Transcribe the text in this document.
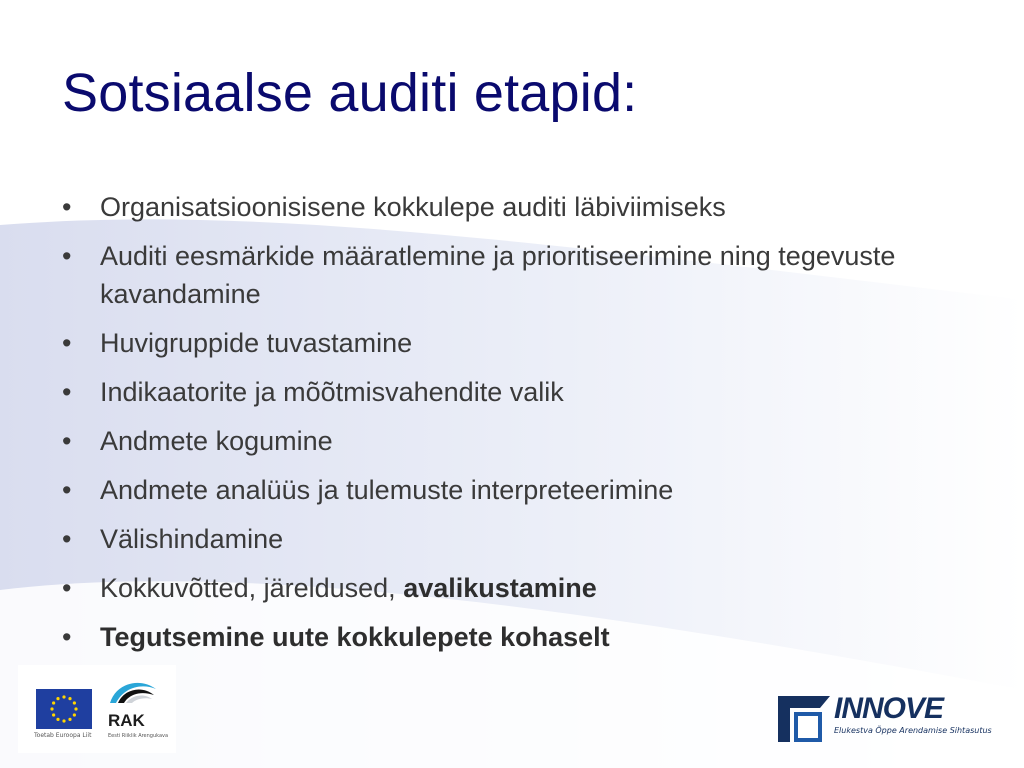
Sotsiaalse auditi etapid:
• Organisatsioonisisene kokkulepe auditi läbiviimiseks
• Auditi eesmärkide määratlemine ja prioritiseerimine ning tegevuste kavandamine
• Huvigruppide tuvastamine
• Indikaatorite ja mõõtmisvahendite valik
• Andmete kogumine
• Andmete analüüs ja tulemuste interpreteerimine
• Välishindamine
• Kokkuvõtted, järeldused, avalikustamine
• Tegutsemine uute kokkulepete kohaselt
Toetab Euroopa Liit
RAK
Eesti Riiklik Arengukava
INNOVE
Elukestva Õppe Arendamise Sihtasutus
